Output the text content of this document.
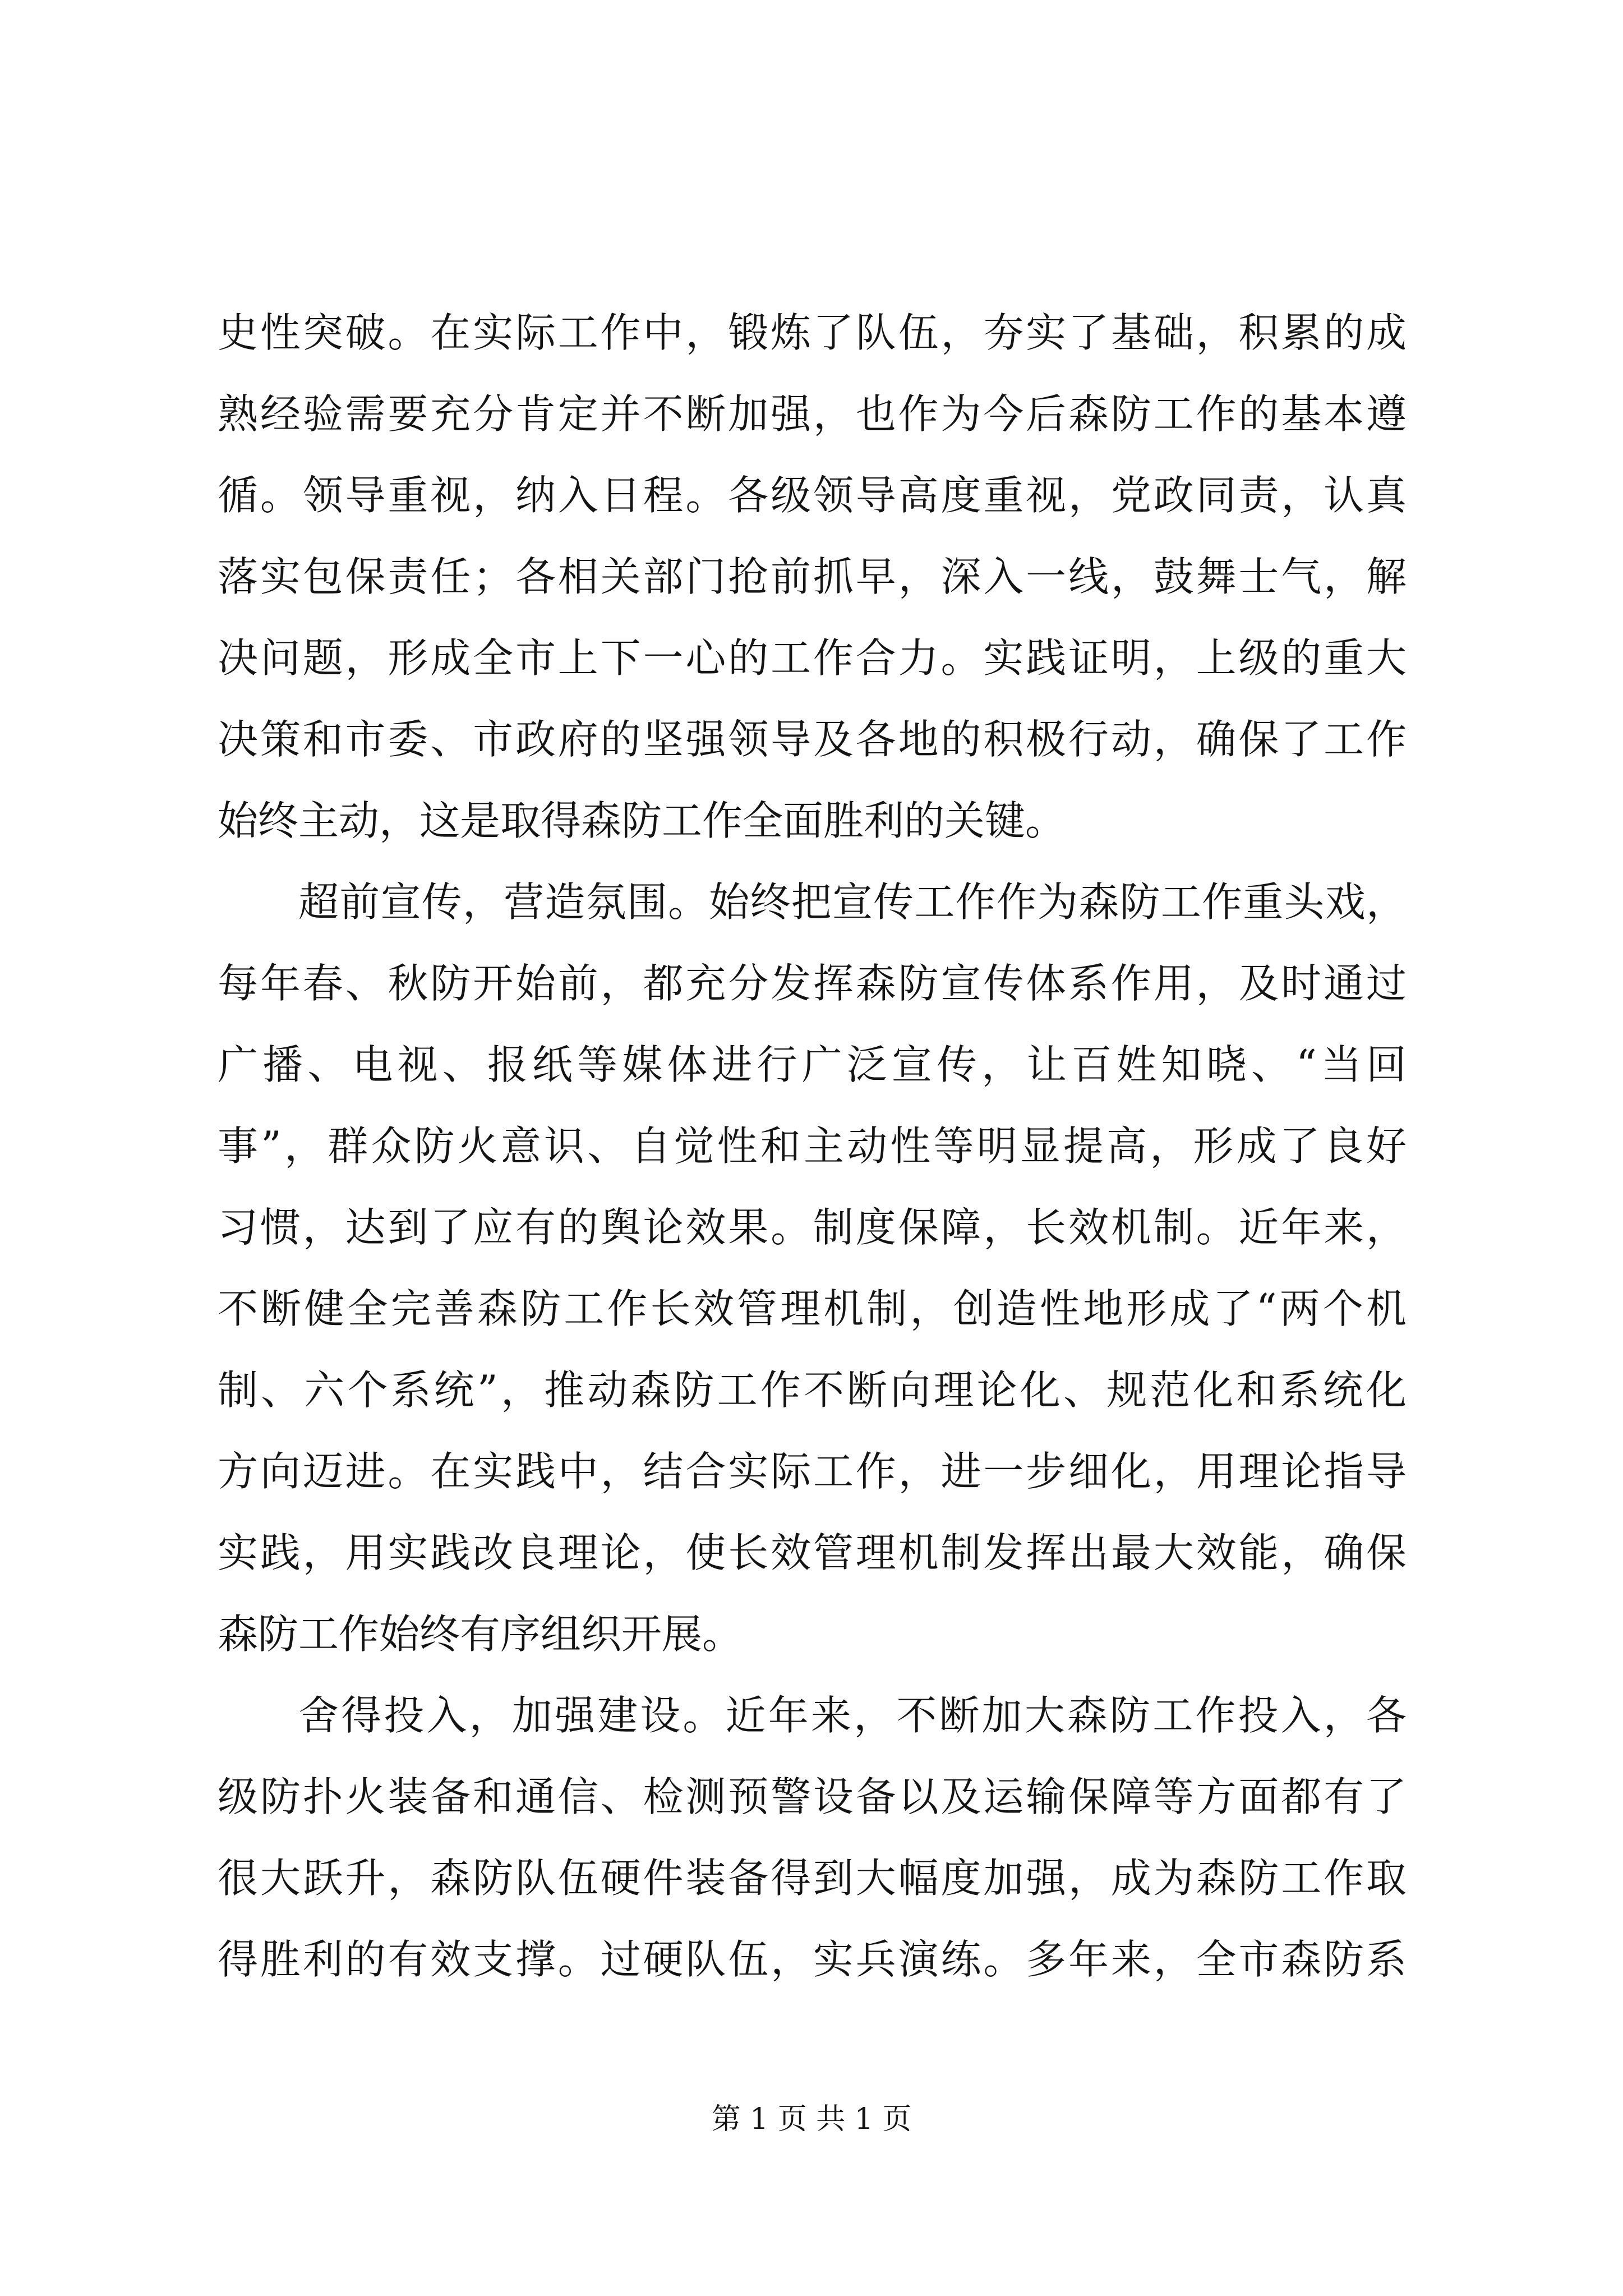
史性突破。在实际工作中，锻炼了队伍，夯实了基础，积累的成
熟经验需要充分肯定并不断加强，也作为今后森防工作的基本遵
循。领导重视，纳入日程。各级领导高度重视，党政同责，认真
落实包保责任；各相关部门抢前抓早，深入一线，鼓舞士气，解
决问题，形成全市上下一心的工作合力。实践证明，上级的重大
决策和市委、市政府的坚强领导及各地的积极行动，确保了工作
始终主动，这是取得森防工作全面胜利的关键。
超前宣传，营造氛围。始终把宣传工作作为森防工作重头戏，
每年春、秋防开始前，都充分发挥森防宣传体系作用，及时通过
广播、电视、报纸等媒体进行广泛宣传，让百姓知晓、“当回
事”，群众防火意识、自觉性和主动性等明显提高，形成了良好
习惯，达到了应有的舆论效果。制度保障，长效机制。近年来，
不断健全完善森防工作长效管理机制，创造性地形成了“两个机
制、六个系统”，推动森防工作不断向理论化、规范化和系统化
方向迈进。在实践中，结合实际工作，进一步细化，用理论指导
实践，用实践改良理论，使长效管理机制发挥出最大效能，确保
森防工作始终有序组织开展。
舍得投入，加强建设。近年来，不断加大森防工作投入，各
级防扑火装备和通信、检测预警设备以及运输保障等方面都有了
很大跃升，森防队伍硬件装备得到大幅度加强，成为森防工作取
得胜利的有效支撑。过硬队伍，实兵演练。多年来，全市森防系
第 1 页 共 1 页
